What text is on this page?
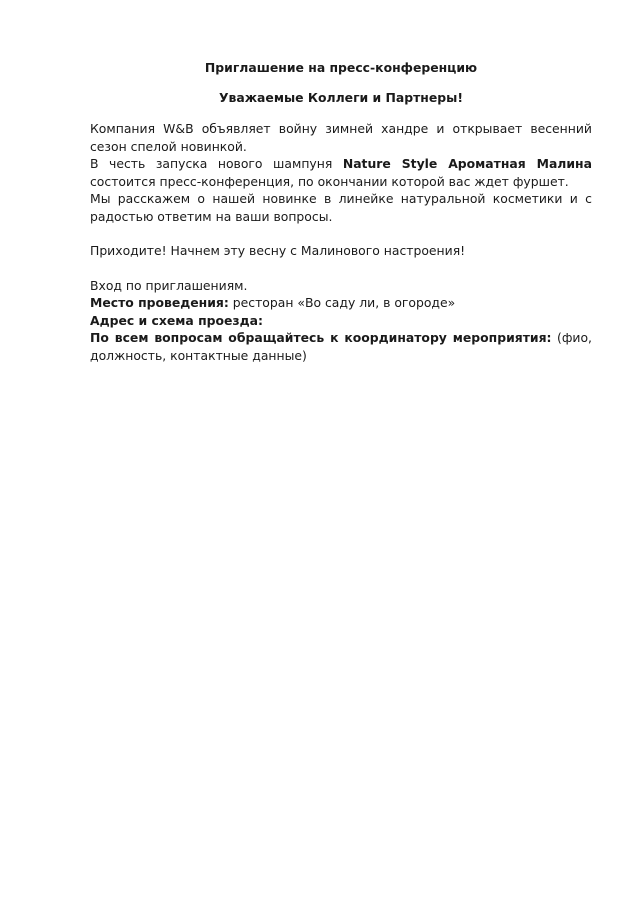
Приглашение на пресс-конференцию

Уважаемые Коллеги и Партнеры!

Компания W&B объявляет войну зимней хандре и открывает весенний сезон спелой новинкой.

В честь запуска нового шампуня Nature Style Ароматная Малина состоится пресс-конференция, по окончании которой вас ждет фуршет.

Мы расскажем о нашей новинке в линейке натуральной косметики и с радостью ответим на ваши вопросы.

Приходите! Начнем эту весну с Малинового настроения!

Вход по приглашениям.

Место проведения: ресторан «Во саду ли, в огороде»

Адрес и схема проезда:

По всем вопросам обращайтесь к координатору мероприятия: (фио, должность, контактные данные)
